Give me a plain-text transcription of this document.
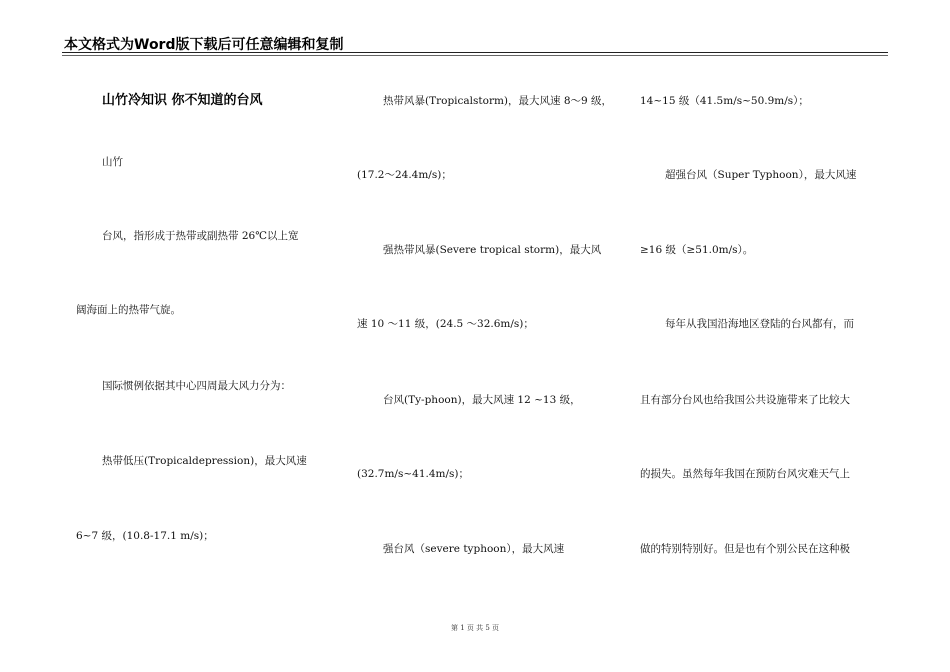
本文格式为Word版下载后可任意编辑和复制
山竹冷知识 你不知道的台风
山竹
台风，指形成于热带或副热带 26℃以上宽
阔海面上的热带气旋。
国际惯例依据其中心四周最大风力分为：
热带低压(Tropicaldepression)，最大风速
6~7 级，(10.8-17.1 m/s)；
热带风暴(Tropicalstorm)，最大风速 8～9 级，
(17.2～24.4m/s)；
强热带风暴(Severe tropical storm)，最大风
速 10 ～11 级，(24.5 ～32.6m/s)；
台风(Ty-phoon)，最大风速 12 ~13 级，
(32.7m/s~41.4m/s)；
强台风（severe typhoon），最大风速
14~15 级（41.5m/s~50.9m/s）；
超强台风（Super Typhoon），最大风速
≥16 级（≥51.0m/s）。
每年从我国沿海地区登陆的台风都有，而
且有部分台风也给我国公共设施带来了比较大
的损失。虽然每年我国在预防台风灾难天气上
做的特别特别好。但是也有个别公民在这种极
第 1 页 共 5 页
